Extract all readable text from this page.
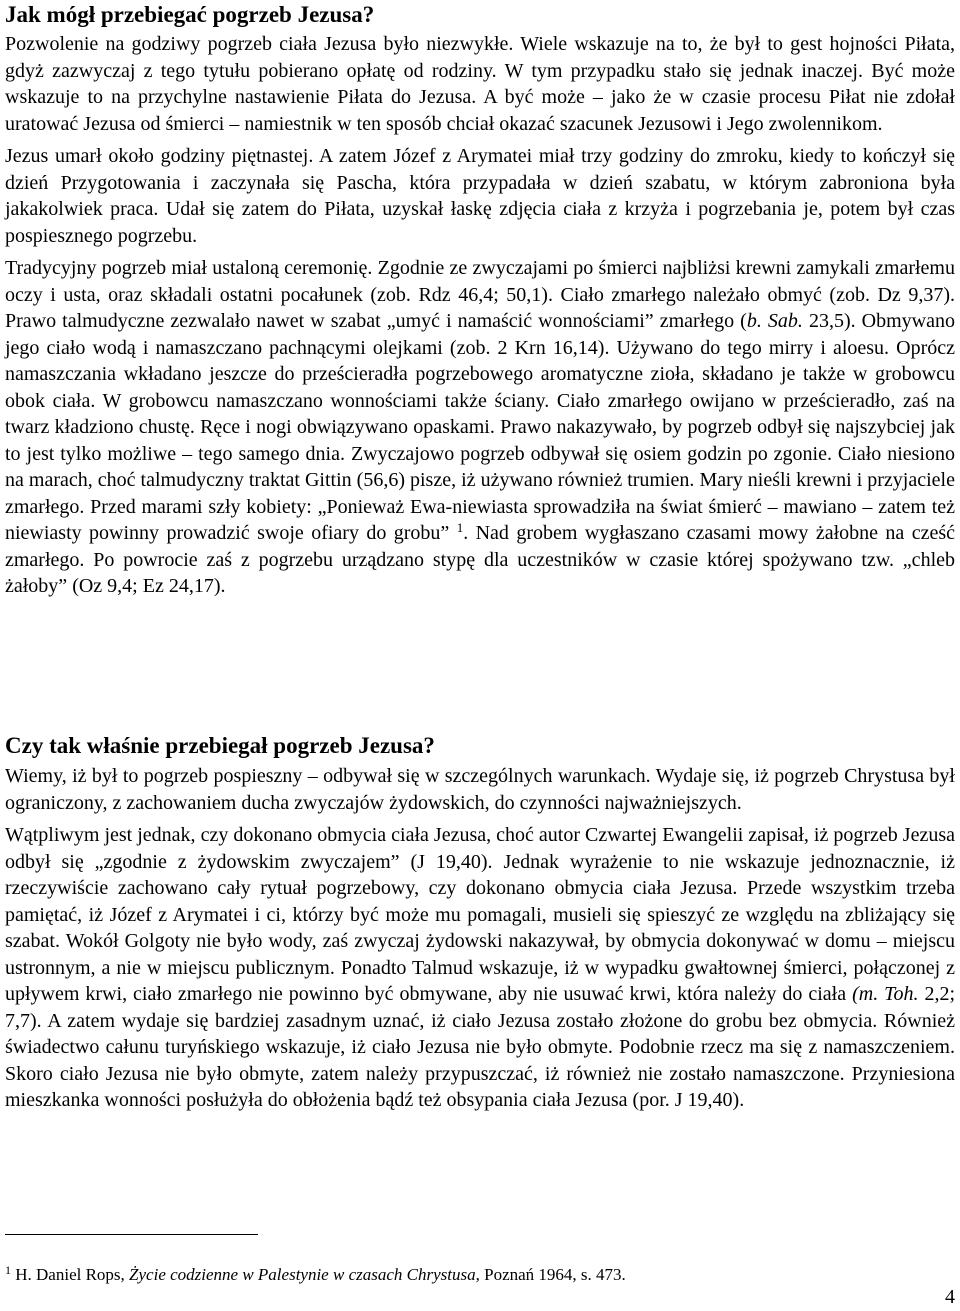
Jak mógł przebiegać pogrzeb Jezusa?

Pozwolenie na godziwy pogrzeb ciała Jezusa było niezwykłe. Wiele wskazuje na to, że był to gest hojności Piłata, gdyż zazwyczaj z tego tytułu pobierano opłatę od rodziny. W tym przypadku stało się jednak inaczej. Być może wskazuje to na przychylne nastawienie Piłata do Jezusa. A być może – jako że w czasie procesu Piłat nie zdołał uratować Jezusa od śmierci – namiestnik w ten sposób chciał okazać szacunek Jezusowi i Jego zwolennikom.

Jezus umarł około godziny piętnastej. A zatem Józef z Arymatei miał trzy godziny do zmroku, kiedy to kończył się dzień Przygotowania i zaczynała się Pascha, która przypadała w dzień szabatu, w którym zabroniona była jakakolwiek praca. Udał się zatem do Piłata, uzyskał łaskę zdjęcia ciała z krzyża i pogrzebania je, potem był czas pospiesznego pogrzebu.

Tradycyjny pogrzeb miał ustaloną ceremonię. Zgodnie ze zwyczajami po śmierci najbliżsi krewni zamykali zmarłemu oczy i usta, oraz składali ostatni pocałunek (zob. Rdz 46,4; 50,1). Ciało zmarłego należało obmyć (zob. Dz 9,37). Prawo talmudyczne zezwalało nawet w szabat „umyć i namaścić wonnościami” zmarłego (b. Sab. 23,5). Obmywano jego ciało wodą i namaszczano pachnącymi olejkami (zob. 2 Krn 16,14). Używano do tego mirry i aloesu. Oprócz namaszczania wkładano jeszcze do prześcieradła pogrzebowego aromatyczne zioła, składano je także w grobowcu obok ciała. W grobowcu namaszczano wonnościami także ściany. Ciało zmarłego owijano w prześcieradło, zaś na twarz kładziono chustę. Ręce i nogi obwiązywano opaskami. Prawo nakazywało, by pogrzeb odbył się najszybciej jak to jest tylko możliwe – tego samego dnia. Zwyczajowo pogrzeb odbywał się osiem godzin po zgonie. Ciało niesiono na marach, choć talmudyczny traktat Gittin (56,6) pisze, iż używano również trumien. Mary nieśli krewni i przyjaciele zmarłego. Przed marami szły kobiety: „Ponieważ Ewa-niewiasta sprowadziła na świat śmierć – mawiano – zatem też niewiasty powinny prowadzić swoje ofiary do grobu” $^1$. Nad grobem wygłaszano czasami mowy żałobne na cześć zmarłego. Po powrocie zaś z pogrzebu urządzano stypę dla uczestników w czasie której spożywano tzw. „chleb żałoby” (Oz 9,4; Ez 24,17).

Czy tak właśnie przebiegał pogrzeb Jezusa?

Wiemy, iż był to pogrzeb pospieszny – odbywał się w szczególnych warunkach. Wydaje się, iż pogrzeb Chrystusa był ograniczony, z zachowaniem ducha zwyczajów żydowskich, do czynności najważniejszych.

Wątpliwym jest jednak, czy dokonano obmycia ciała Jezusa, choć autor Czwartej Ewangelii zapisał, iż pogrzeb Jezusa odbył się „zgodnie z żydowskim zwyczajem” (J 19,40). Jednak wyrażenie to nie wskazuje jednoznacznie, iż rzeczywiście zachowano cały rytuał pogrzebowy, czy dokonano obmycia ciała Jezusa. Przede wszystkim trzeba pamiętać, iż Józef z Arymatei i ci, którzy być może mu pomagali, musieli się spieszyć ze względu na zbliżający się szabat. Wokół Golgoty nie było wody, zaś zwyczaj żydowski nakazywał, by obmycia dokonywać w domu – miejscu ustronnym, a nie w miejscu publicznym. Ponadto Talmud wskazuje, iż w wypadku gwałtownej śmierci, połączonej z upływem krwi, ciało zmarłego nie powinno być obmywane, aby nie usuwać krwi, która należy do ciała (m. Toh. 2,2; 7,7). A zatem wydaje się bardziej zasadnym uznać, iż ciało Jezusa zostało złożone do grobu bez obmycia. Również świadectwo całunu turyńskiego wskazuje, iż ciało Jezusa nie było obmyte. Podobnie rzecz ma się z namaszczeniem. Skoro ciało Jezusa nie było obmyte, zatem należy przypuszczać, iż również nie zostało namaszczone. Przyniesiona mieszkanka wonności posłużyła do obłożenia bądź też obsypania ciała Jezusa (por. J 19,40).

$^1$ H. Daniel Rops, Życie codzienne w Palestynie w czasach Chrystusa, Poznań 1964, s. 473.
4
